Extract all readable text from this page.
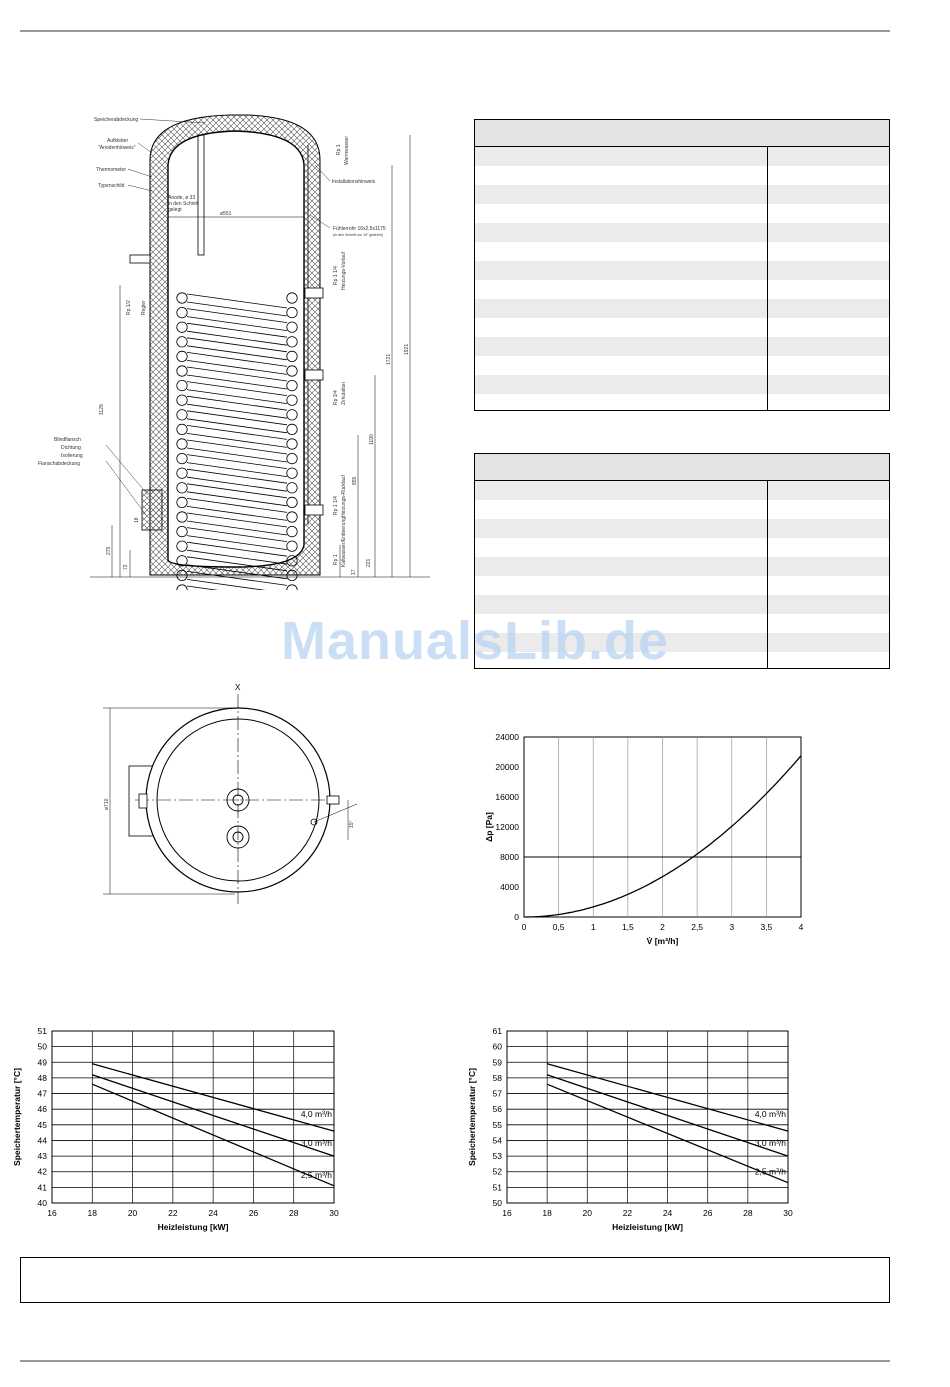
ø551
1921
1721
1190
855
1129
275
72
18
17
221
Rp 1 Warmwasser
Rp 1 1/4 Heizungs-Vorlauf
Rp 3/4 Zirkulation
Rp 1 1/4 Heizungs-Rücklauf
Rp 1 Kaltwasser/Entleerung
Rp 1/2 Regler
Speicherabdeckung
Aufkleber
"Anodenhinweis"
Thermometer
Typenschild
Anode, ø 33
in den Schnitt
gelegt
Installationshinweis
Fühlerrohr 16x2,5x1175
(in den Schnitt um 15° gedreht)
Blindflansch
Dichtung
Isolierung
Flanschabdeckung
ManualsLib.de
ø710
X
15°
0	0,5	1	1,5	2	2,5	3	3,5	4
0
4000
8000
12000
16000
20000
24000
V̇ [m³/h]
Δp [Pa]
16	18	20	22	24	26	28	30
40
41
42
43
44
45
46
47
48
49
50
51
4,0 m³/h
3,0 m³/h
2,5 m³/h
Heizleistung [kW]
Speichertemperatur [°C]
16	18	20	22	24	26	28	30
50
51
52
53
54
55
56
57
58
59
60
61
4,0 m³/h
3,0 m³/h
2,5 m³/h
Heizleistung [kW]
Speichertemperatur [°C]
